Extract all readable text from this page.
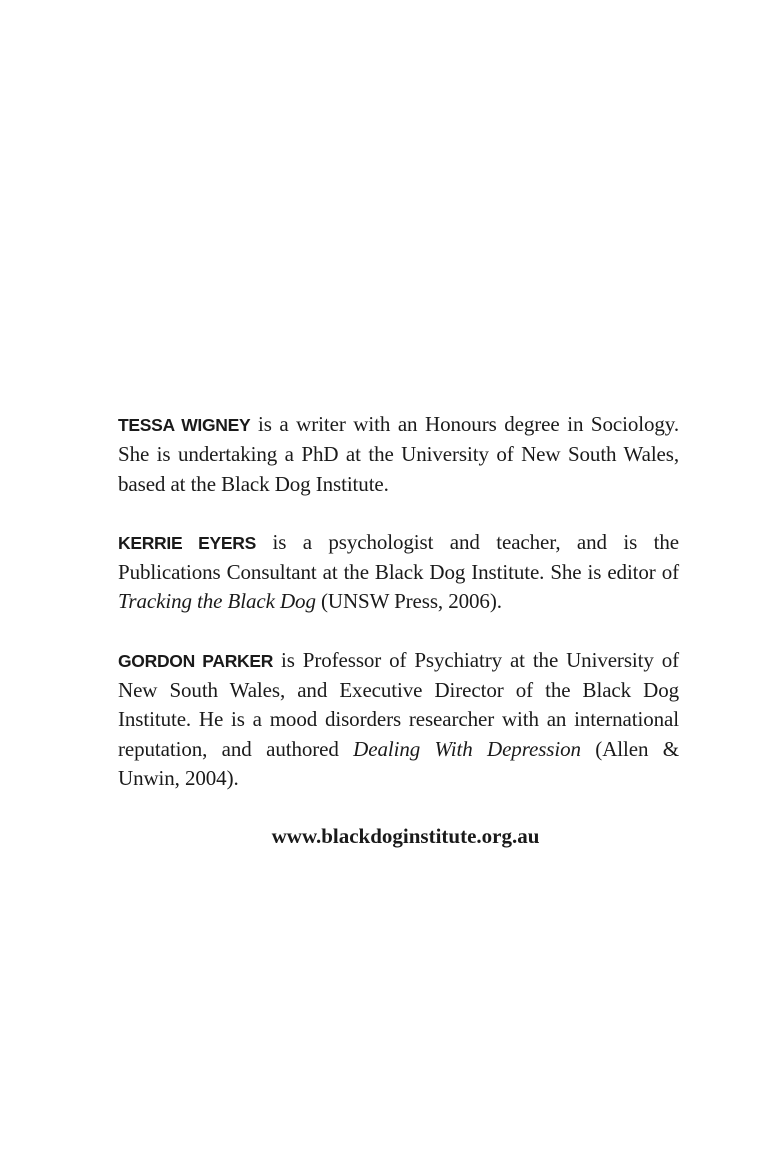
TESSA WIGNEY is a writer with an Honours degree in Sociology. She is undertaking a PhD at the University of New South Wales, based at the Black Dog Institute.

KERRIE EYERS is a psychologist and teacher, and is the Publications Consultant at the Black Dog Institute. She is editor of Tracking the Black Dog (UNSW Press, 2006).

GORDON PARKER is Professor of Psychiatry at the University of New South Wales, and Executive Director of the Black Dog Institute. He is a mood disorders researcher with an international reputation, and authored Dealing With Depression (Allen & Unwin, 2004).

www.blackdoginstitute.org.au
